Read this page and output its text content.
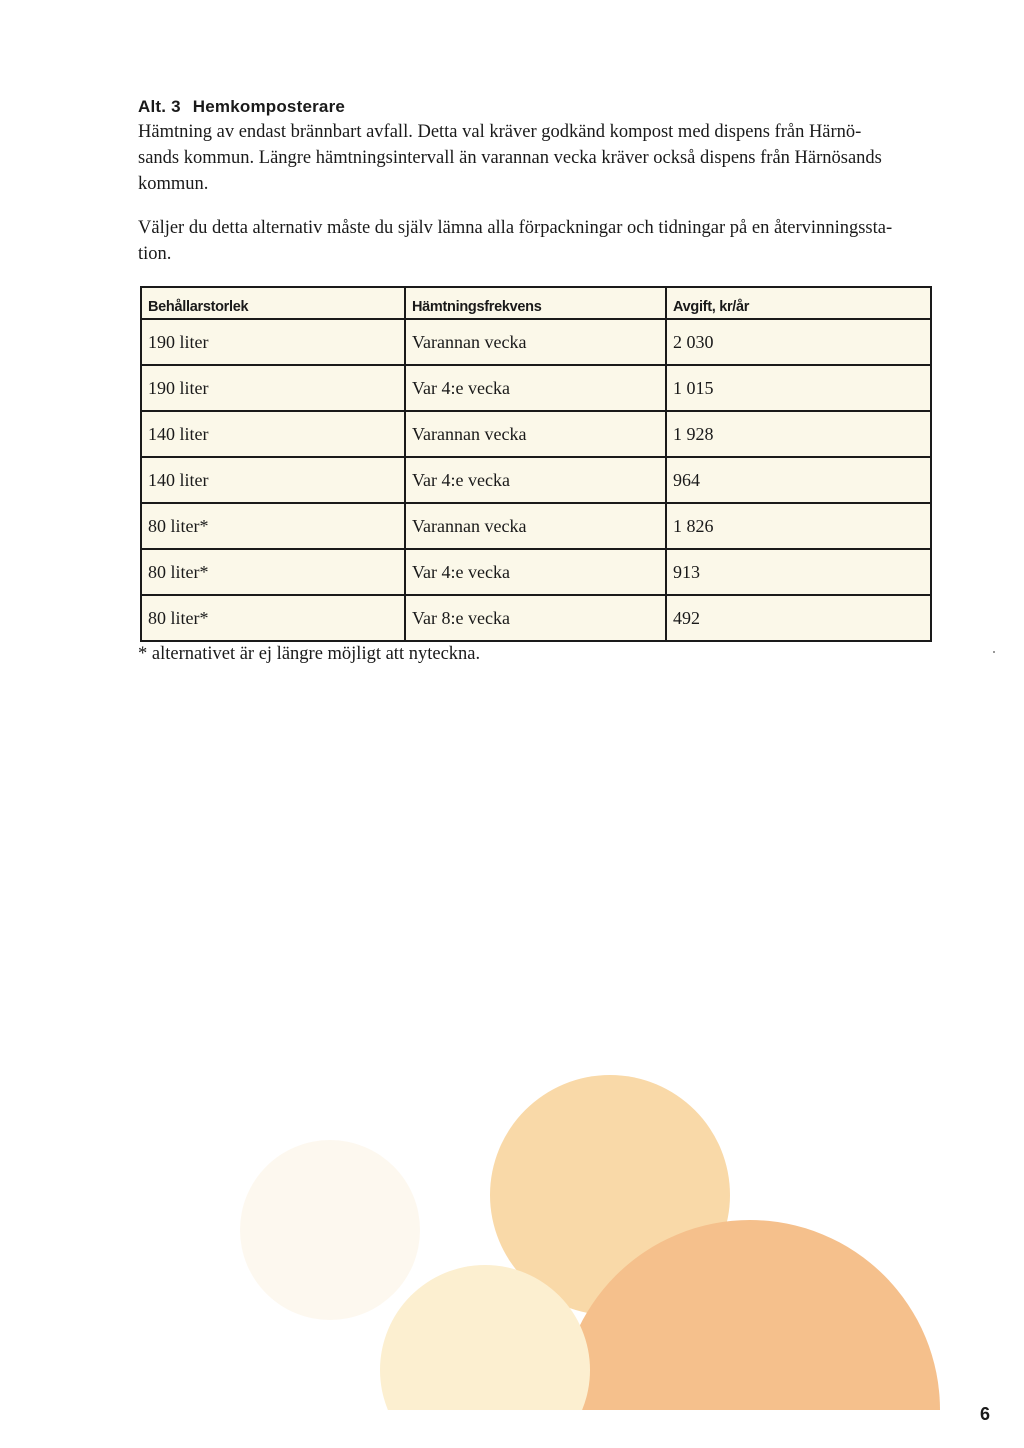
Alt. 3 Hemkomposterare

Hämtning av endast brännbart avfall. Detta val kräver godkänd kompost med dispens från Härnö-
sands kommun. Längre hämtningsintervall än varannan vecka kräver också dispens från Härnösands
kommun.

Väljer du detta alternativ måste du själv lämna alla förpackningar och tidningar på en återvinningssta-
tion.

Behållarstorlek	Hämtningsfrekvens	Avgift, kr/år
190 liter	Varannan vecka	2 030
190 liter	Var 4:e vecka	1 015
140 liter	Varannan vecka	1 928
140 liter	Var 4:e vecka	964
80 liter*	Varannan vecka	1 826
80 liter*	Var 4:e vecka	913
80 liter*	Var 8:e vecka	492

* alternativet är ej längre möjligt att nyteckna.

6
